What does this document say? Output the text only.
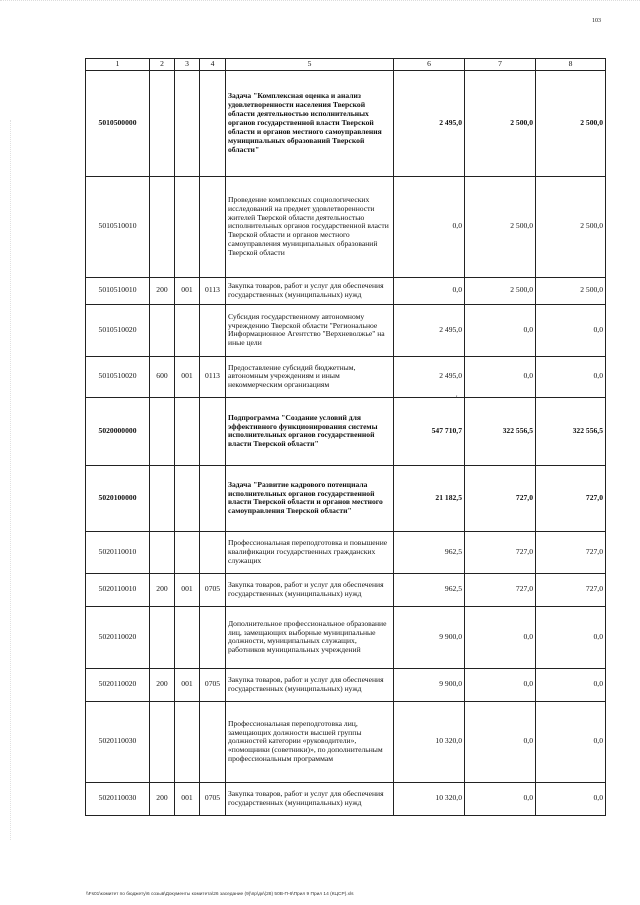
103
1	2	3	4	5	6	7	8
5010500000				Задача "Комплексная оценка и анализ удовлетворенности населения Тверской области деятельностью исполнительных органов государственной власти Тверской области и органов местного самоуправления муниципальных образований Тверской области"	2 495,0	2 500,0	2 500,0
5010510010				Проведение комплексных социологических исследований на предмет удовлетворенности жителей Тверской области деятельностью исполнительных органов государственной власти Тверской области и органов местного самоуправления муниципальных образований Тверской области	0,0	2 500,0	2 500,0
5010510010	200	001	0113	Закупка товаров, работ и услуг для обеспечения государственных (муниципальных) нужд	0,0	2 500,0	2 500,0
5010510020				Субсидия государственному автономному учреждению Тверской области "Региональное Информационное Агентство "Верхневолжье" на иные цели	2 495,0	0,0	0,0
5010510020	600	001	0113	Предоставление субсидий бюджетным, автономным учреждениям и иным некоммерческим организациям	2 495,0	0,0	0,0
5020000000				Подпрограмма "Создание условий для эффективного функционирования системы исполнительных органов государственной власти Тверской области"	547 710,7	322 556,5	322 556,5
5020100000				Задача "Развитие кадрового потенциала исполнительных органов государственной власти Тверской области и органов местного самоуправления Тверской области"	21 182,5	727,0	727,0
5020110010				Профессиональная переподготовка и повышение квалификации государственных гражданских служащих	962,5	727,0	727,0
5020110010	200	001	0705	Закупка товаров, работ и услуг для обеспечения государственных (муниципальных) нужд	962,5	727,0	727,0
5020110020				Дополнительное профессиональное образование лиц, замещающих выборные муниципальные должности, муниципальных служащих, работников муниципальных учреждений	9 900,0	0,0	0,0
5020110020	200	001	0705	Закупка товаров, работ и услуг для обеспечения государственных (муниципальных) нужд	9 900,0	0,0	0,0
5020110030				Профессиональная переподготовка лиц, замещающих должности высшей группы должностей категории «руководители», «помощники (советники)», по дополнительным профессиональным программам	10 320,0	0,0	0,0
5020110030	200	001	0705	Закупка товаров, работ и услуг для обеспечения государственных (муниципальных) нужд	10 320,0	0,0	0,0
'
\\Fs01\комитет по бюджету\6 созыв\Документы комитета\26 заседание (9)\пр\дк\(28) 50В-П-6\Прил 9 Прил 14 (КЦСР).xls
